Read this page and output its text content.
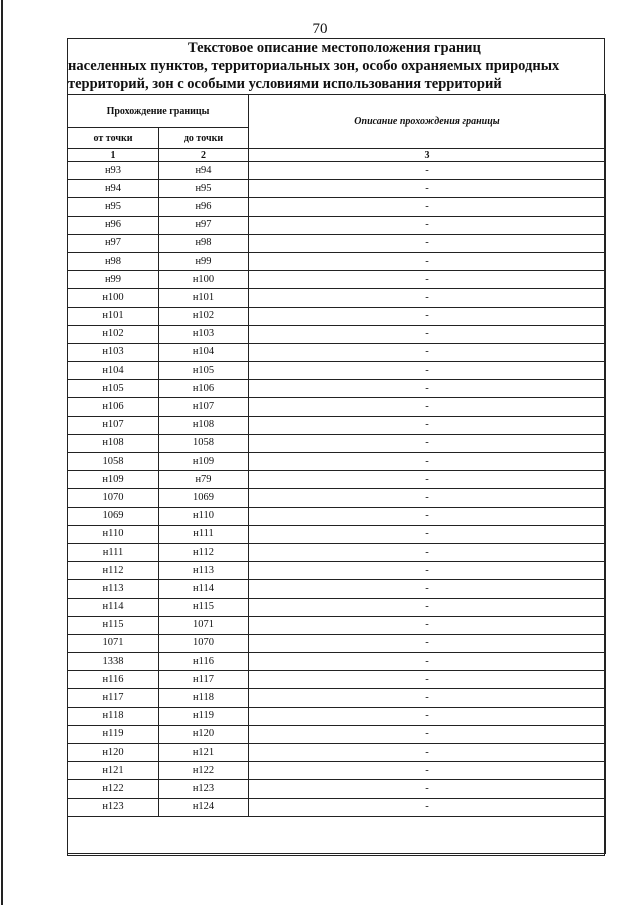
70
Текстовое описание местоположения границ
населенных пунктов, территориальных зон, особо охраняемых природных
территорий, зон с особыми условиями использования территорий
Прохождение границы		Описание прохождения границы
от точки	до точки	
1	2	3
н93	н94	-
н94	н95	-
н95	н96	-
н96	н97	-
н97	н98	-
н98	н99	-
н99	н100	-
н100	н101	-
н101	н102	-
н102	н103	-
н103	н104	-
н104	н105	-
н105	н106	-
н106	н107	-
н107	н108	-
н108	1058	-
1058	н109	-
н109	н79	-
1070	1069	-
1069	н110	-
н110	н111	-
н111	н112	-
н112	н113	-
н113	н114	-
н114	н115	-
н115	1071	-
1071	1070	-
1338	н116	-
н116	н117	-
н117	н118	-
н118	н119	-
н119	н120	-
н120	н121	-
н121	н122	-
н122	н123	-
н123	н124	-
